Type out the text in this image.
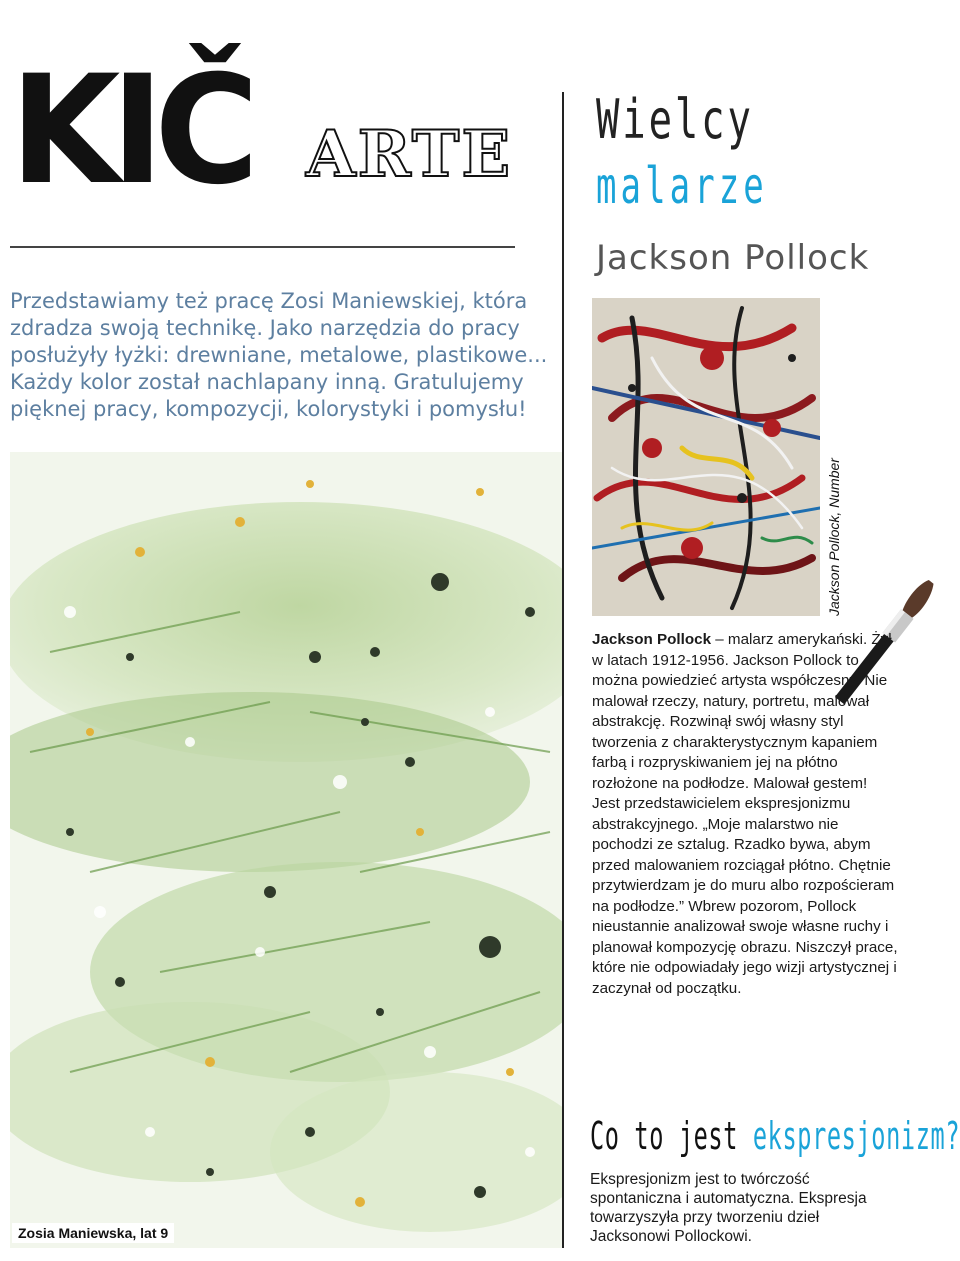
KIČ ARTE
Przedstawiamy też pracę Zosi Maniewskiej, która zdradza swoją technikę. Jako narzędzia do pracy posłużyły łyżki: drewniane, metalowe, plastikowe... Każdy kolor został nachlapany inną. Gratulujemy pięknej pracy, kompozycji, kolorystyki i pomysłu!
Zosia Maniewska, lat 9
Wielcy
malarze
Jackson Pollock
Jackson Pollock, Number
Jackson Pollock – malarz amerykański. Żył w latach 1912-1956. Jackson Pollock to można powiedzieć artysta współczesny. Nie malował rzeczy, natury, portretu, malował abstrakcję. Rozwinął swój własny styl tworzenia z charakterystycznym kapaniem farbą i rozpryskiwaniem jej na płótno rozłożone na podłodze. Malował gestem! Jest przedstawicielem ekspresjonizmu abstrakcyjnego. „Moje malarstwo nie pochodzi ze sztalug. Rzadko bywa, abym przed malowaniem rozciągał płótno. Chętnie przytwierdzam je do muru albo rozpościeram na podłodze.” Wbrew pozorom, Pollock nieustannie analizował swoje własne ruchy i planował kompozycję obrazu. Niszczył prace, które nie odpowiadały jego wizji artystycznej i zaczynał od początku.
Co to jest ekspresjonizm?
Ekspresjonizm jest to twórczość spontaniczna i automatyczna. Ekspresja towarzyszyła przy tworzeniu dzieł Jacksonowi Pollockowi.
